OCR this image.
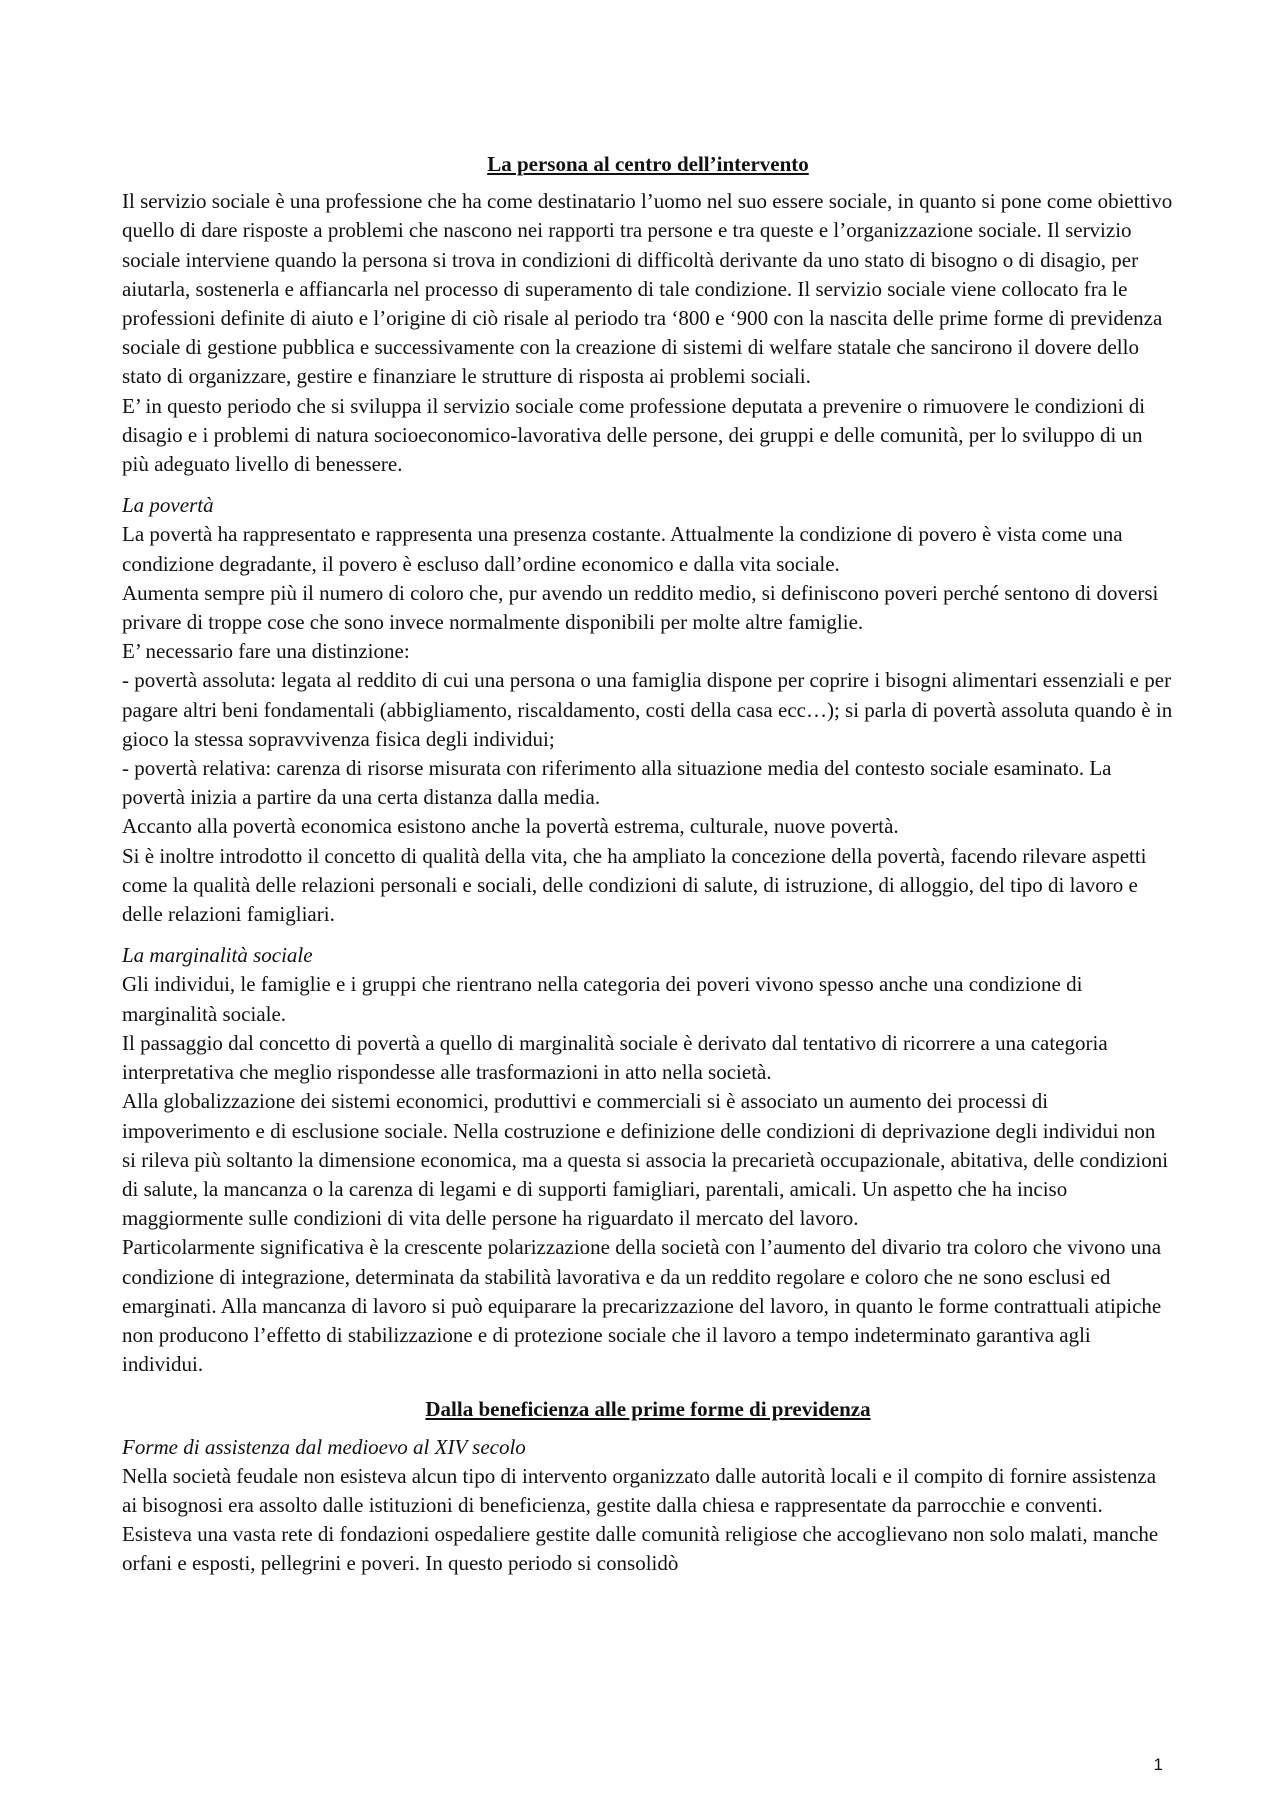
La persona al centro dell’intervento

Il servizio sociale è una professione che ha come destinatario l’uomo nel suo essere sociale, in quanto si pone come obiettivo quello di dare risposte a problemi che nascono nei rapporti tra persone e tra queste e l’organizzazione sociale. Il servizio sociale interviene quando la persona si trova in condizioni di difficoltà derivante da uno stato di bisogno o di disagio, per aiutarla, sostenerla e affiancarla nel processo di superamento di tale condizione. Il servizio sociale viene collocato fra le professioni definite di aiuto e l’origine di ciò risale al periodo tra ‘800 e ‘900 con la nascita delle prime forme di previdenza sociale di gestione pubblica e successivamente con la creazione di sistemi di welfare statale che sancirono il dovere dello stato di organizzare, gestire e finanziare le strutture di risposta ai problemi sociali.

E’ in questo periodo che si sviluppa il servizio sociale come professione deputata a prevenire o rimuovere le condizioni di disagio e i problemi di natura socioeconomico-lavorativa delle persone, dei gruppi e delle comunità, per lo sviluppo di un più adeguato livello di benessere.

La povertà

La povertà ha rappresentato e rappresenta una presenza costante. Attualmente la condizione di povero è vista come una condizione degradante, il povero è escluso dall’ordine economico e dalla vita sociale.

Aumenta sempre più il numero di coloro che, pur avendo un reddito medio, si definiscono poveri perché sentono di doversi privare di troppe cose che sono invece normalmente disponibili per molte altre famiglie.

E’ necessario fare una distinzione:

- povertà assoluta: legata al reddito di cui una persona o una famiglia dispone per coprire i bisogni alimentari essenziali e per pagare altri beni fondamentali (abbigliamento, riscaldamento, costi della casa ecc…); si parla di povertà assoluta quando è in gioco la stessa sopravvivenza fisica degli individui;

- povertà relativa: carenza di risorse misurata con riferimento alla situazione media del contesto sociale esaminato. La povertà inizia a partire da una certa distanza dalla media.

Accanto alla povertà economica esistono anche la povertà estrema, culturale, nuove povertà.

Si è inoltre introdotto il concetto di qualità della vita, che ha ampliato la concezione della povertà, facendo rilevare aspetti come la qualità delle relazioni personali e sociali, delle condizioni di salute, di istruzione, di alloggio, del tipo di lavoro e delle relazioni famigliari.

La marginalità sociale

Gli individui, le famiglie e i gruppi che rientrano nella categoria dei poveri vivono spesso anche una condizione di marginalità sociale.

Il passaggio dal concetto di povertà a quello di marginalità sociale è derivato dal tentativo di ricorrere a una categoria interpretativa che meglio rispondesse alle trasformazioni in atto nella società.

Alla globalizzazione dei sistemi economici, produttivi e commerciali si è associato un aumento dei processi di impoverimento e di esclusione sociale. Nella costruzione e definizione delle condizioni di deprivazione degli individui non si rileva più soltanto la dimensione economica, ma a questa si associa la precarietà occupazionale, abitativa, delle condizioni di salute, la mancanza o la carenza di legami e di supporti famigliari, parentali, amicali. Un aspetto che ha inciso maggiormente sulle condizioni di vita delle persone ha riguardato il mercato del lavoro.

Particolarmente significativa è la crescente polarizzazione della società con l’aumento del divario tra coloro che vivono una condizione di integrazione, determinata da stabilità lavorativa e da un reddito regolare e coloro che ne sono esclusi ed emarginati. Alla mancanza di lavoro si può equiparare la precarizzazione del lavoro, in quanto le forme contrattuali atipiche non producono l’effetto di stabilizzazione e di protezione sociale che il lavoro a tempo indeterminato garantiva agli individui.

Dalla beneficienza alle prime forme di previdenza

Forme di assistenza dal medioevo al XIV secolo

Nella società feudale non esisteva alcun tipo di intervento organizzato dalle autorità locali e il compito di fornire assistenza ai bisognosi era assolto dalle istituzioni di beneficienza, gestite dalla chiesa e rappresentate da parrocchie e conventi. Esisteva una vasta rete di fondazioni ospedaliere gestite dalle comunità religiose che accoglievano non solo malati, manche orfani e esposti, pellegrini e poveri. In questo periodo si consolidò

1
